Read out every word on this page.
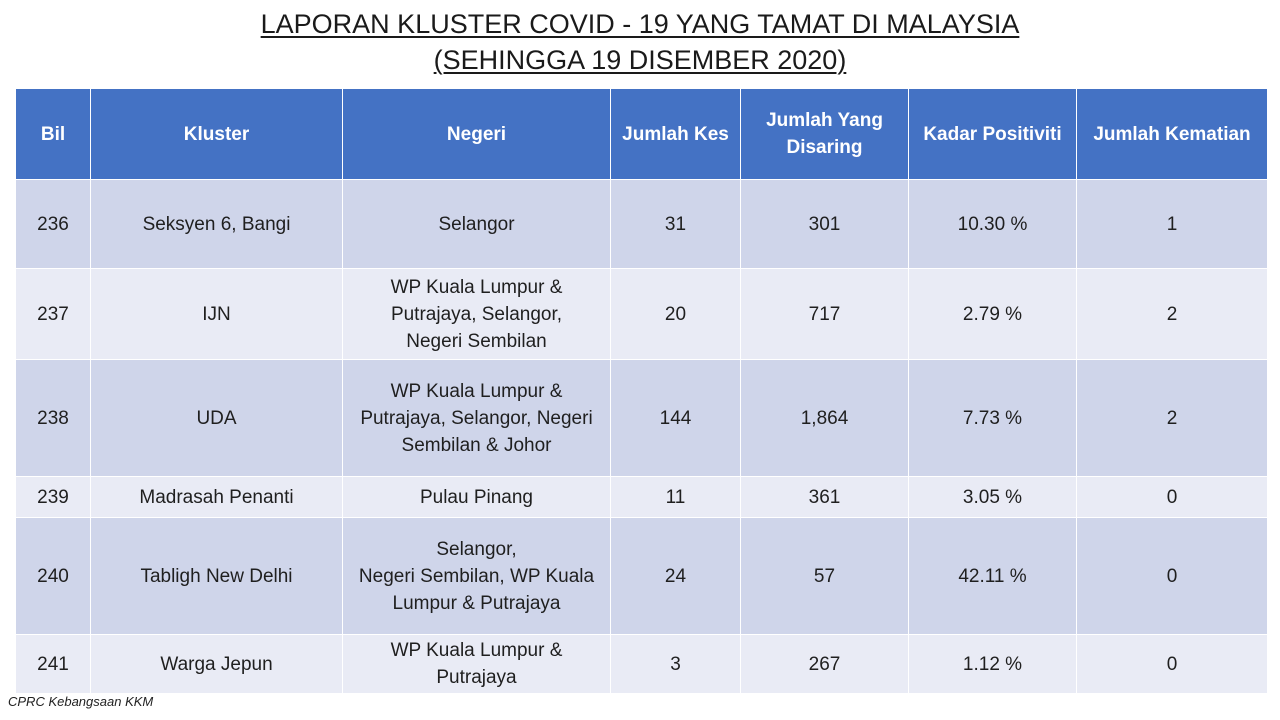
LAPORAN KLUSTER COVID - 19 YANG TAMAT DI MALAYSIA
(SEHINGGA 19 DISEMBER 2020)
Bil	Kluster	Negeri	Jumlah Kes	Jumlah Yang
Disaring	Kadar Positiviti	Jumlah Kematian
236	Seksyen 6, Bangi	Selangor	31	301	10.30 %	1
237	IJN	WP Kuala Lumpur &
Putrajaya, Selangor,
Negeri Sembilan	20	717	2.79 %	2
238	UDA	WP Kuala Lumpur &
Putrajaya, Selangor, Negeri
Sembilan & Johor	144	1,864	7.73 %	2
239	Madrasah Penanti	Pulau Pinang	11	361	3.05 %	0
240	Tabligh New Delhi	Selangor,
Negeri Sembilan, WP Kuala
Lumpur & Putrajaya	24	57	42.11 %	0
241	Warga Jepun	WP Kuala Lumpur &
Putrajaya	3	267	1.12 %	0
CPRC Kebangsaan KKM
